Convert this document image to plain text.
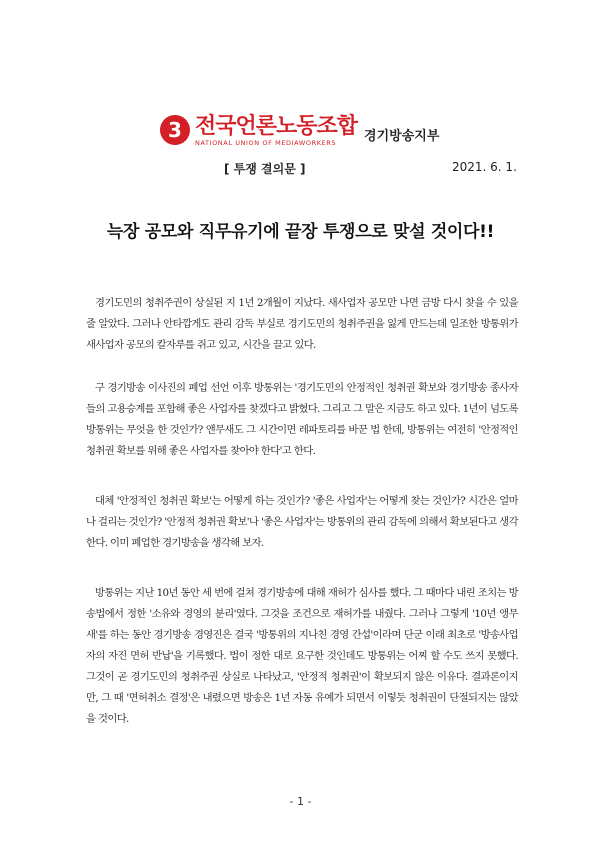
3 전국언론노동조합
NATIONAL UNION OF MEDIAWORKERS	경기방송지부
[ 투쟁 결의문 ]	2021. 6. 1.
늑장 공모와 직무유기에 끝장 투쟁으로 맞설 것이다!!

경기도민의 청취주권이 상실된 지 1년 2개월이 지났다. 새사업자 공모만 나면 금방 다시 찾을 수 있을 줄 알았다. 그러나 안타깝게도 관리 감독 부실로 경기도민의 청취주권을 잃게 만드는데 일조한 방통위가 새사업자 공모의 칼자루를 쥐고 있고, 시간을 끌고 있다.

구 경기방송 이사진의 폐업 선언 이후 방통위는 '경기도민의 안정적인 청취권 확보와 경기방송 종사자들의 고용승계를 포함해 좋은 사업자를 찾겠다고 밝혔다. 그리고 그 말은 지금도 하고 있다. 1년이 넘도록 방통위는 무엇을 한 것인가? 앤무새도 그 시간이면 레파토리를 바꾼 법 한데, 방통위는 여전히 '안정적인 청취권 확보를 위해 좋은 사업자를 찾아야 한다'고 한다.

대체 '안정적인 청취권 확보'는 어떻게 하는 것인가? '좋은 사업자'는 어떻게 찾는 것인가? 시간은 얼마나 걸리는 것인가? '안정적 청취권 확보'나 '좋은 사업자'는 방통위의 관리 감독에 의해서 확보된다고 생각한다. 이미 폐업한 경기방송을 생각해 보자.

방통위는 지난 10년 동안 세 번에 걸쳐 경기방송에 대해 재허가 심사를 했다. 그 때마다 내린 조치는 방송법에서 정한 '소유와 경영의 분리'였다. 그것을 조건으로 재허가를 내줬다. 그러나 그렇게 '10년 앵무새'를 하는 동안 경기방송 경영진은 결국 '방통위의 지나친 경영 간섭'이라며 단군 이래 최초로 '방송사업자의 자진 면허 반납'을 기록했다. 법이 정한 대로 요구한 것인데도 방통위는 어찌 할 수도 쓰지 못했다. 그것이 곧 경기도민의 청취주권 상실로 나타났고, '안정적 청취권'이 확보되지 않은 이유다. 결과론이지만, 그 때 '면허취소 결정'은 내렸으면 방송은 1년 자동 유예가 되면서 이렇듯 청취권이 단절되지는 않았을 것이다.

- 1 -
